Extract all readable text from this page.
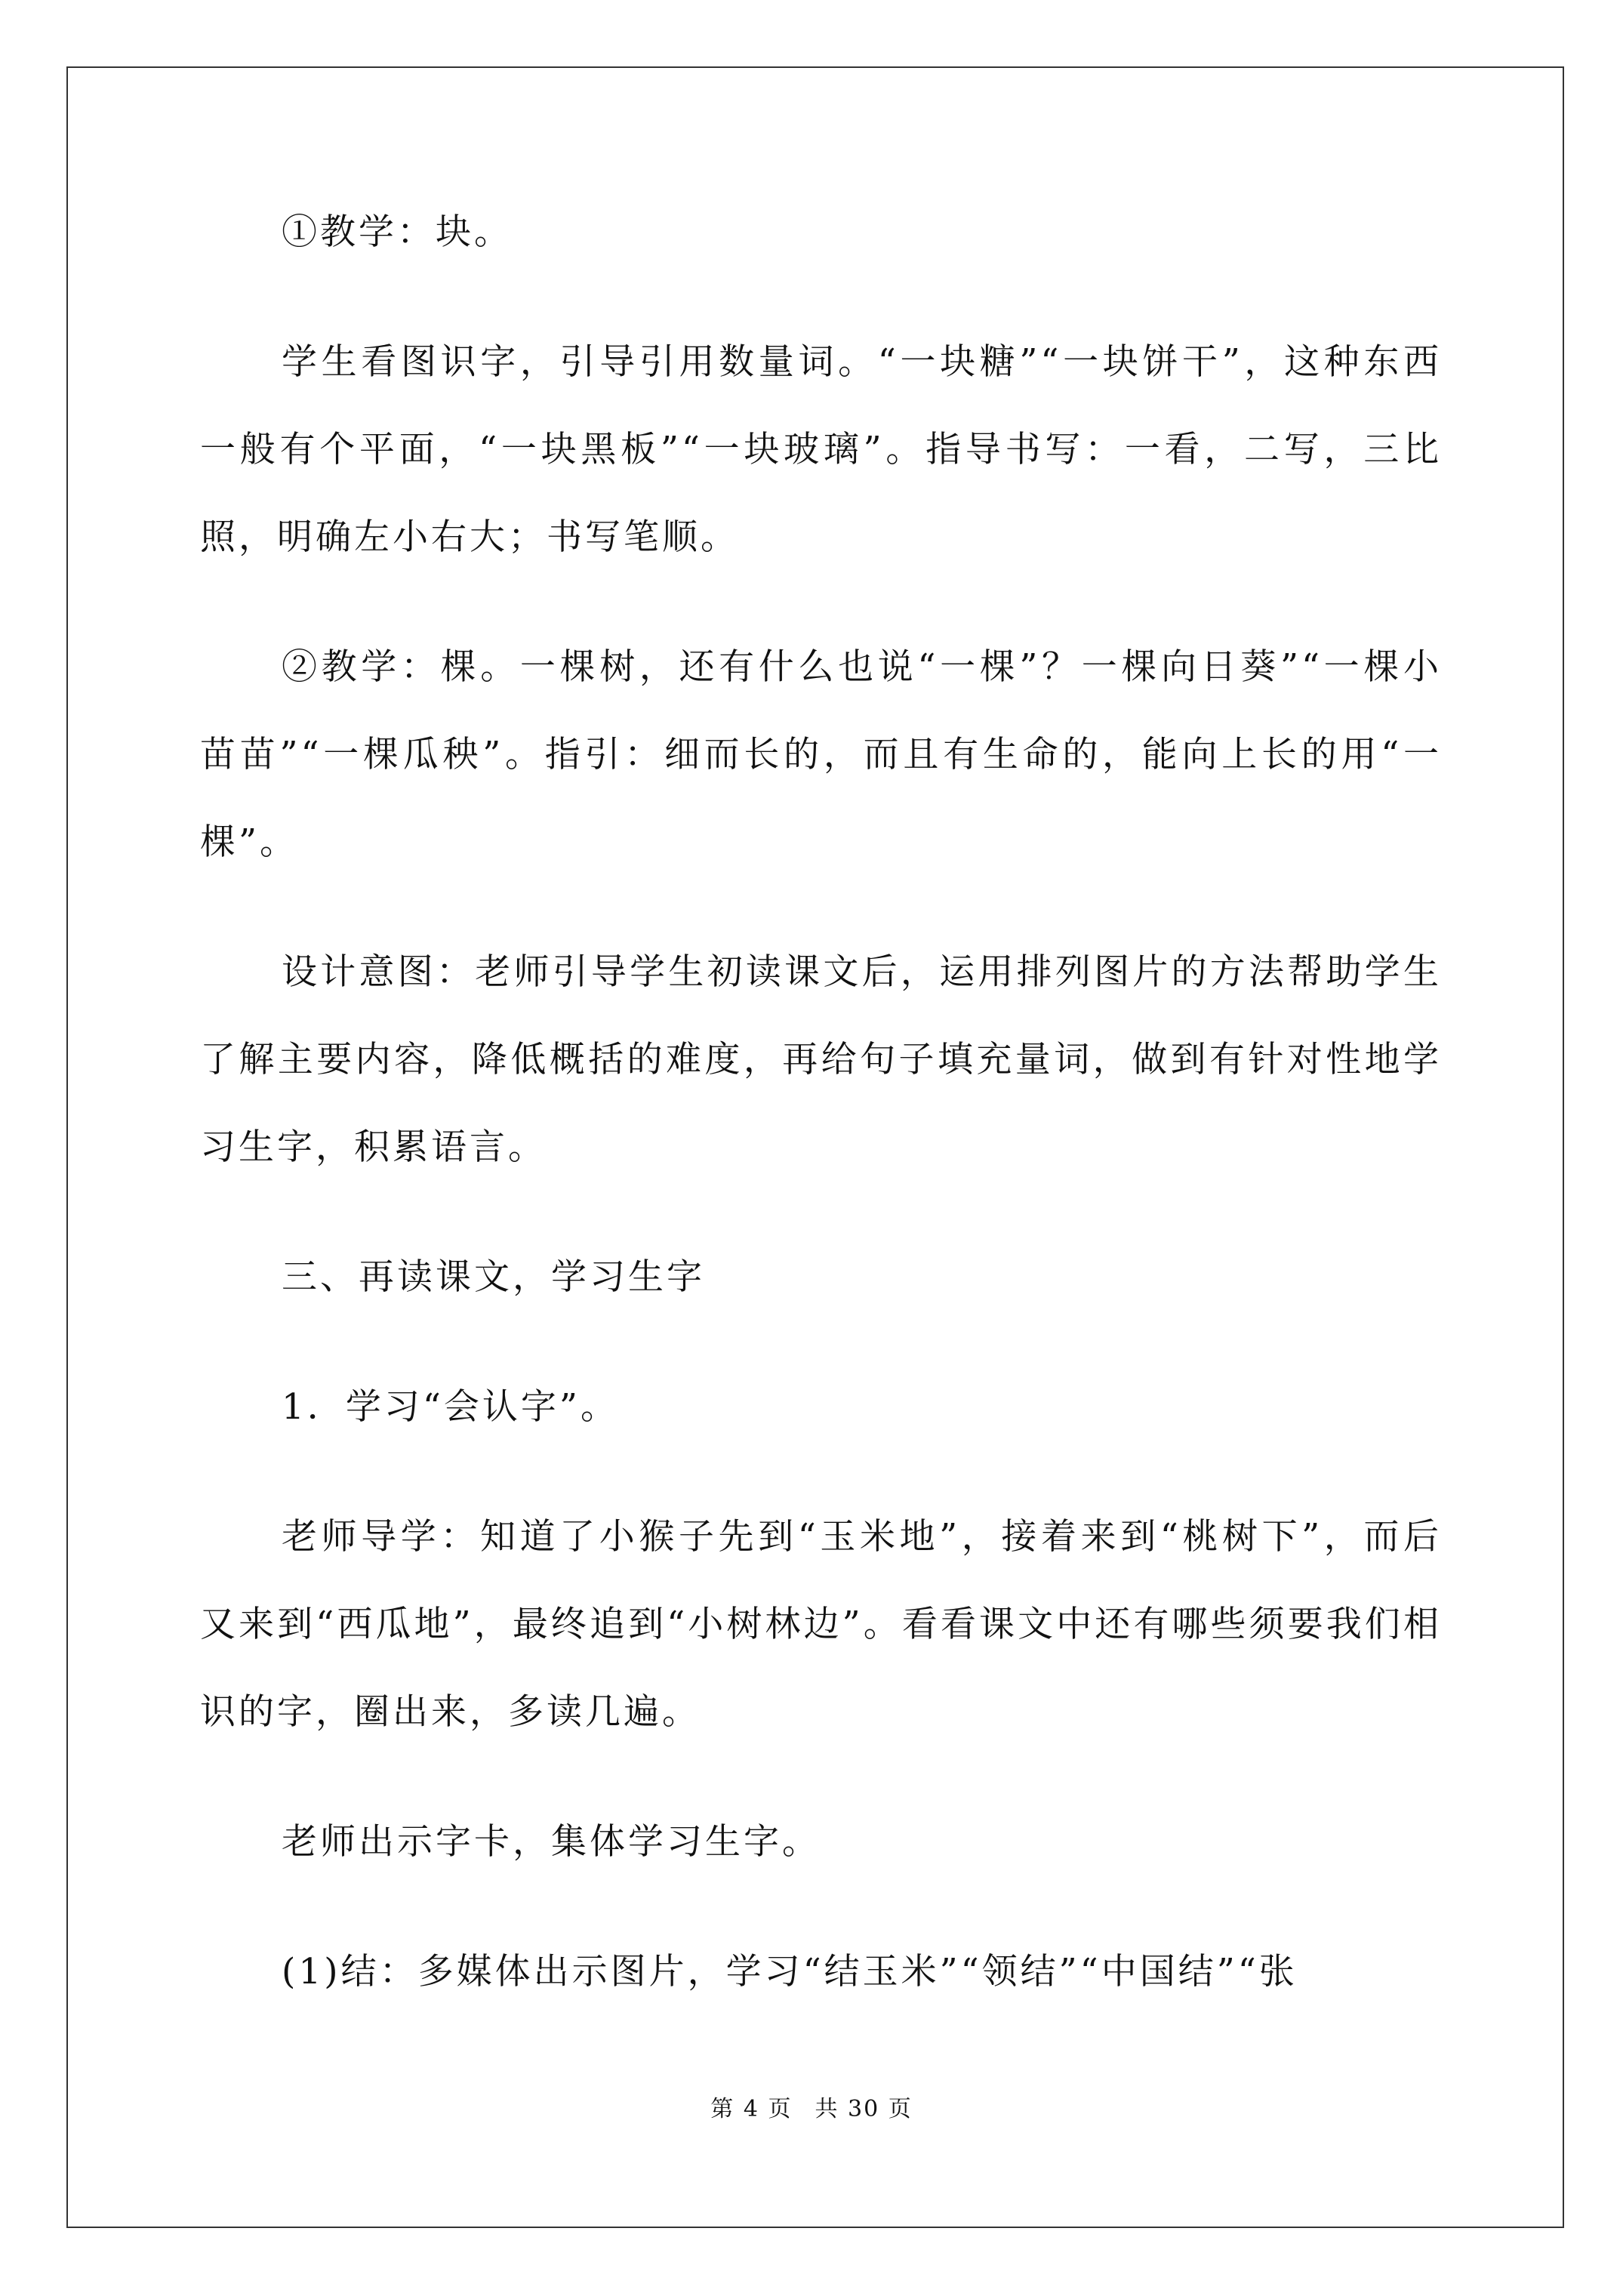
①教学：块。

学生看图识字，引导引用数量词。“一块糖”“一块饼干”，这种东西一般有个平面，“一块黑板”“一块玻璃”。指导书写：一看，二写，三比照，明确左小右大；书写笔顺。

②教学：棵。一棵树，还有什么也说“一棵”？一棵向日葵”“一棵小苗苗”“一棵瓜秧”。指引：细而长的，而且有生命的，能向上长的用“一棵”。

设计意图：老师引导学生初读课文后，运用排列图片的方法帮助学生了解主要内容，降低概括的难度，再给句子填充量词，做到有针对性地学习生字，积累语言。

三、再读课文，学习生字

1．学习“会认字”。

老师导学：知道了小猴子先到“玉米地”，接着来到“桃树下”，而后又来到“西瓜地”，最终追到“小树林边”。看看课文中还有哪些须要我们相识的字，圈出来，多读几遍。

老师出示字卡，集体学习生字。

(1)结：多媒体出示图片，学习“结玉米”“领结”“中国结”“张

第 4 页 共 30 页
